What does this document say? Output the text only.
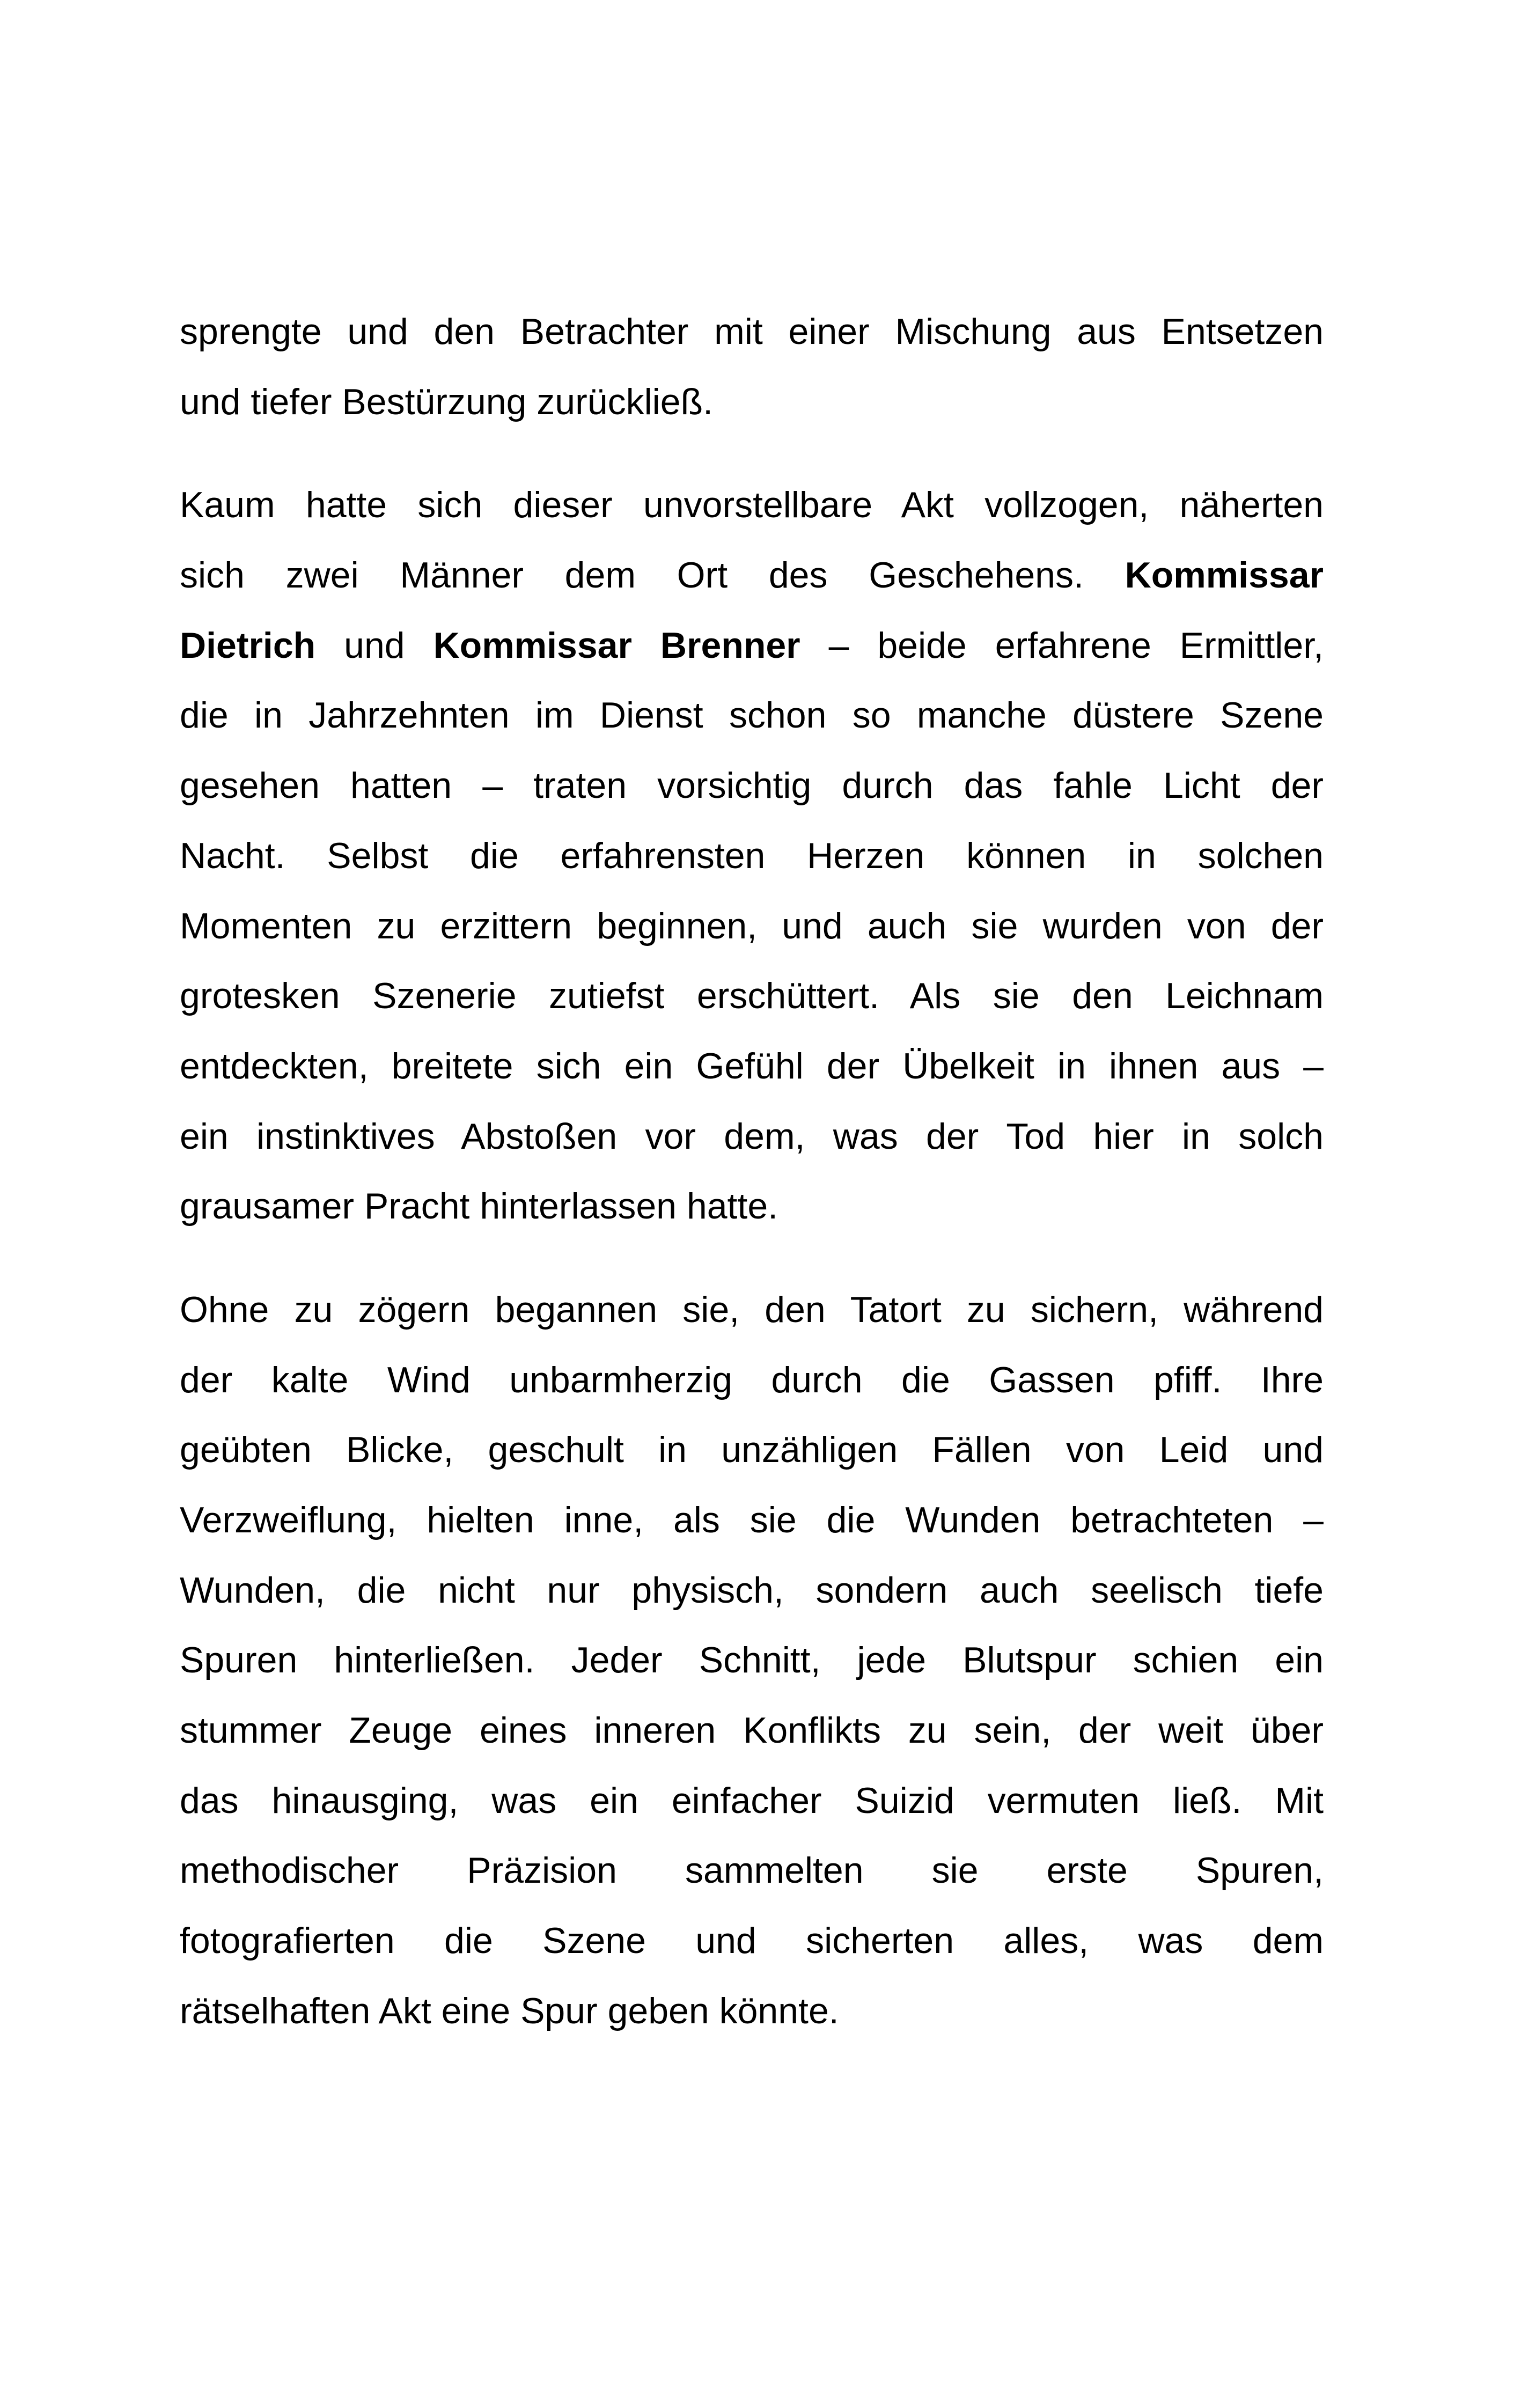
sprengte und den Betrachter mit einer Mischung aus Entsetzen
und tiefer Bestürzung zurückließ.
Kaum hatte sich dieser unvorstellbare Akt vollzogen, näherten
sich zwei Männer dem Ort des Geschehens. Kommissar
Dietrich und Kommissar Brenner – beide erfahrene Ermittler,
die in Jahrzehnten im Dienst schon so manche düstere Szene
gesehen hatten – traten vorsichtig durch das fahle Licht der
Nacht. Selbst die erfahrensten Herzen können in solchen
Momenten zu erzittern beginnen, und auch sie wurden von der
grotesken Szenerie zutiefst erschüttert. Als sie den Leichnam
entdeckten, breitete sich ein Gefühl der Übelkeit in ihnen aus –
ein instinktives Abstoßen vor dem, was der Tod hier in solch
grausamer Pracht hinterlassen hatte.
Ohne zu zögern begannen sie, den Tatort zu sichern, während
der kalte Wind unbarmherzig durch die Gassen pfiff. Ihre
geübten Blicke, geschult in unzähligen Fällen von Leid und
Verzweiflung, hielten inne, als sie die Wunden betrachteten –
Wunden, die nicht nur physisch, sondern auch seelisch tiefe
Spuren hinterließen. Jeder Schnitt, jede Blutspur schien ein
stummer Zeuge eines inneren Konflikts zu sein, der weit über
das hinausging, was ein einfacher Suizid vermuten ließ. Mit
methodischer Präzision sammelten sie erste Spuren,
fotografierten die Szene und sicherten alles, was dem
rätselhaften Akt eine Spur geben könnte.
